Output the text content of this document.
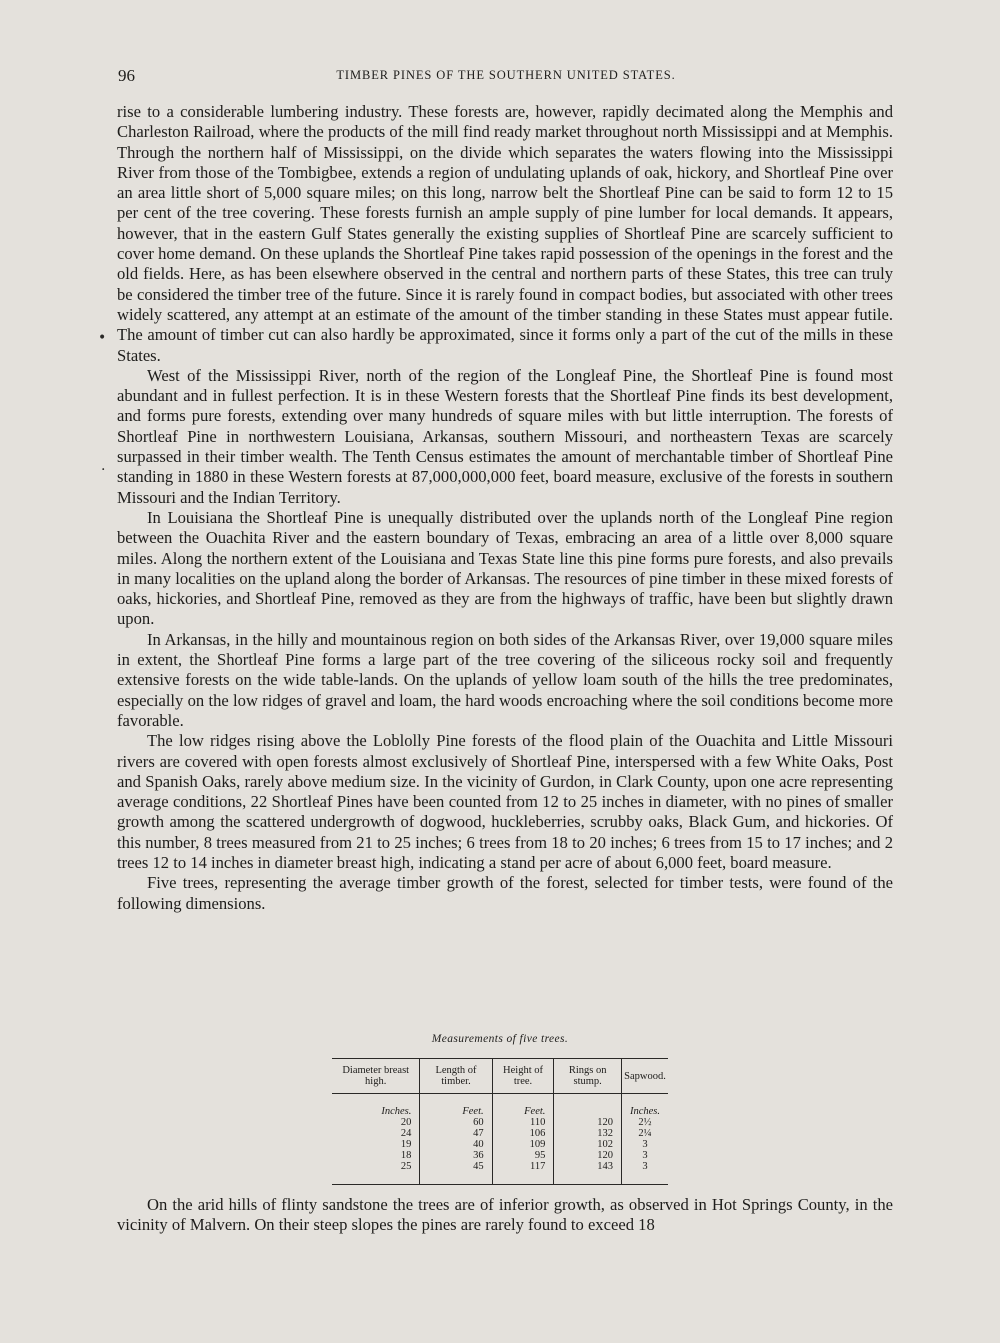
96	TIMBER PINES OF THE SOUTHERN UNITED STATES.

rise to a considerable lumbering industry. These forests are, however, rapidly decimated along the Memphis and Charleston Railroad, where the products of the mill find ready market throughout north Mississippi and at Memphis. Through the northern half of Mississippi, on the divide which separates the waters flowing into the Mississippi River from those of the Tombigbee, extends a region of undulating uplands of oak, hickory, and Shortleaf Pine over an area little short of 5,000 square miles; on this long, narrow belt the Shortleaf Pine can be said to form 12 to 15 per cent of the tree covering. These forests furnish an ample supply of pine lumber for local demands. It appears, however, that in the eastern Gulf States generally the existing supplies of Shortleaf Pine are scarcely sufficient to cover home demand. On these uplands the Shortleaf Pine takes rapid possession of the openings in the forest and the old fields. Here, as has been elsewhere observed in the central and northern parts of these States, this tree can truly be considered the timber tree of the future. Since it is rarely found in compact bodies, but associated with other trees widely scattered, any attempt at an estimate of the amount of the timber standing in these States must appear futile. The amount of timber cut can also hardly be approximated, since it forms only a part of the cut of the mills in these States.

West of the Mississippi River, north of the region of the Longleaf Pine, the Shortleaf Pine is found most abundant and in fullest perfection. It is in these Western forests that the Shortleaf Pine finds its best development, and forms pure forests, extending over many hundreds of square miles with but little interruption. The forests of Shortleaf Pine in northwestern Louisiana, Arkansas, southern Missouri, and northeastern Texas are scarcely surpassed in their timber wealth. The Tenth Census estimates the amount of merchantable timber of Shortleaf Pine standing in 1880 in these Western forests at 87,000,000,000 feet, board measure, exclusive of the forests in southern Missouri and the Indian Territory.

In Louisiana the Shortleaf Pine is unequally distributed over the uplands north of the Longleaf Pine region between the Ouachita River and the eastern boundary of Texas, embracing an area of a little over 8,000 square miles. Along the northern extent of the Louisiana and Texas State line this pine forms pure forests, and also prevails in many localities on the upland along the border of Arkansas. The resources of pine timber in these mixed forests of oaks, hickories, and Shortleaf Pine, removed as they are from the highways of traffic, have been but slightly drawn upon.

In Arkansas, in the hilly and mountainous region on both sides of the Arkansas River, over 19,000 square miles in extent, the Shortleaf Pine forms a large part of the tree covering of the siliceous rocky soil and frequently extensive forests on the wide table-lands. On the uplands of yellow loam south of the hills the tree predominates, especially on the low ridges of gravel and loam, the hard woods encroaching where the soil conditions become more favorable.

The low ridges rising above the Loblolly Pine forests of the flood plain of the Ouachita and Little Missouri rivers are covered with open forests almost exclusively of Shortleaf Pine, interspersed with a few White Oaks, Post and Spanish Oaks, rarely above medium size. In the vicinity of Gurdon, in Clark County, upon one acre representing average conditions, 22 Shortleaf Pines have been counted from 12 to 25 inches in diameter, with no pines of smaller growth among the scattered undergrowth of dogwood, huckleberries, scrubby oaks, Black Gum, and hickories. Of this number, 8 trees measured from 21 to 25 inches; 6 trees from 18 to 20 inches; 6 trees from 15 to 17 inches; and 2 trees 12 to 14 inches in diameter breast high, indicating a stand per acre of about 6,000 feet, board measure.

Five trees, representing the average timber growth of the forest, selected for timber tests, were found of the following dimensions.

Measurements of five trees.
Diameter breast high.	Length of timber.	Height of tree.	Rings on stump.	Sapwood.
Inches.	Feet.	Feet.		Inches.
20	60	110	120	2½
24	47	106	132	2¼
19	40	109	102	3
18	36	95	120	3
25	45	117	143	3

On the arid hills of flinty sandstone the trees are of inferior growth, as observed in Hot Springs County, in the vicinity of Malvern. On their steep slopes the pines are rarely found to exceed 18

•
.
